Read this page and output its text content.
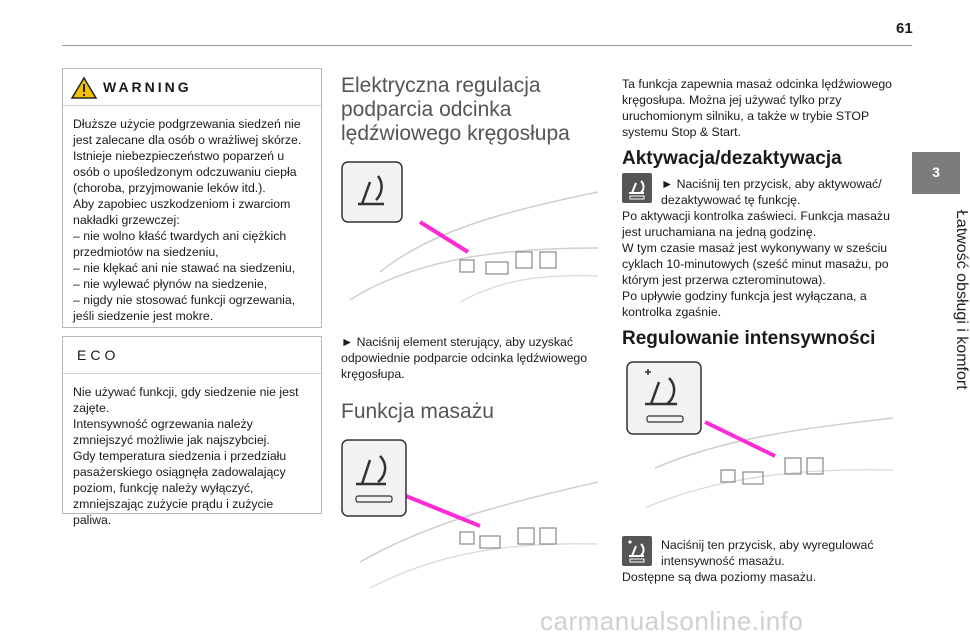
61
3
Łatwość obsługi i komfort
WARNING
Dłuższe użycie podgrzewania siedzeń nie jest zalecane dla osób o wrażliwej skórze.
Istnieje niebezpieczeństwo poparzeń u osób o upośledzonym odczuwaniu ciepła (choroba, przyjmowanie leków itd.).
Aby zapobiec uszkodzeniom i zwarciom nakładki grzewczej:
– nie wolno kłaść twardych ani ciężkich przedmiotów na siedzeniu,
– nie klękać ani nie stawać na siedzeniu,
– nie wylewać płynów na siedzenie,
– nigdy nie stosować funkcji ogrzewania, jeśli siedzenie jest mokre.
ECO
Nie używać funkcji, gdy siedzenie nie jest zajęte.
Intensywność ogrzewania należy zmniejszyć możliwie jak najszybciej.
Gdy temperatura siedzenia i przedziału pasażerskiego osiągnęła zadowalający poziom, funkcję należy wyłączyć, zmniejszając zużycie prądu i zużycie paliwa.
Elektryczna regulacja podparcia odcinka lędźwiowego kręgosłupa
► Naciśnij element sterujący, aby uzyskać odpowiednie podparcie odcinka lędźwiowego kręgosłupa.
Funkcja masażu
Ta funkcja zapewnia masaż odcinka lędźwiowego kręgosłupa. Można jej używać tylko przy uruchomionym silniku, a także w trybie STOP systemu Stop & Start.
Aktywacja/dezaktywacja
► Naciśnij ten przycisk, aby aktywować/ dezaktywować tę funkcję.
Po aktywacji kontrolka zaświeci. Funkcja masażu jest uruchamiana na jedną godzinę.
W tym czasie masaż jest wykonywany w sześciu cyklach 10-minutowych (sześć minut masażu, po którym jest przerwa czterominutowa).
Po upływie godziny funkcja jest wyłączana, a kontrolka zgaśnie.
Regulowanie intensywności
Naciśnij ten przycisk, aby wyregulować intensywność masażu.
Dostępne są dwa poziomy masażu.
carmanualsonline.info
